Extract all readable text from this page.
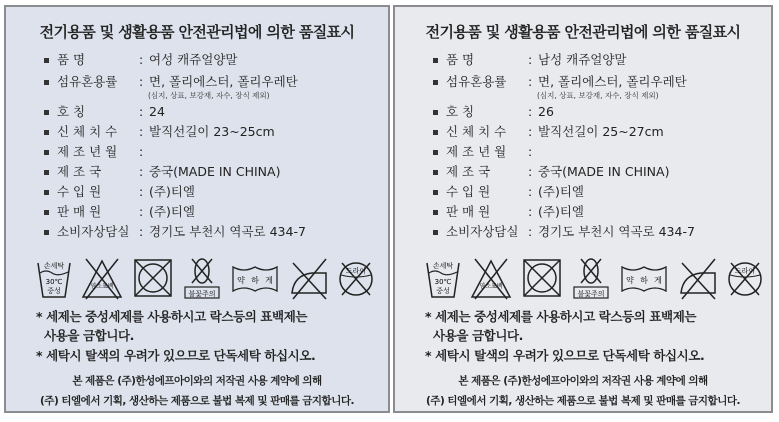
전기용품 및 생활용품 안전관리법에 의한 품질표시
품 명	: 여성 캐쥬얼양말
섬유혼용률 : 면, 폴리에스터, 폴리우레탄
호 칭	: 24
신 체 치 수 : 발직선길이 23~25cm
제 조 년 월 :
제 조 국	: 중국(MADE IN CHINA)
수 입 원	: (주)티엘
판 매 원	: (주)티엘
소비자상담실 : 경기도 부천시 역곡로 434-7
(심지, 상표, 보강재, 자수, 장식 제외)
손세탁
30℃
중성
염소표백
불꽃주의
약 하 게
드라이
* 세제는 중성세제를 사용하시고 락스등의 표백제는
사용을 금합니다.
* 세탁시 탈색의 우려가 있으므로 단독세탁 하십시오.
본 제품은 (주)한성에프아이와의 저작권 사용 계약에 의해
(주) 티엘에서 기획, 생산하는 제품으로 불법 복제 및 판매를 금지합니다.
전기용품 및 생활용품 안전관리법에 의한 품질표시
품 명	: 남성 캐쥬얼양말
섬유혼용률 : 면, 폴리에스터, 폴리우레탄
호 칭	: 26
신 체 치 수 : 발직선길이 25~27cm
제 조 년 월 :
제 조 국	: 중국(MADE IN CHINA)
수 입 원	: (주)티엘
판 매 원	: (주)티엘
소비자상담실 : 경기도 부천시 역곡로 434-7
(심지, 상표, 보강재, 자수, 장식 제외)
손세탁
30℃
중성
염소표백
불꽃주의
약 하 게
드라이
* 세제는 중성세제를 사용하시고 락스등의 표백제는
사용을 금합니다.
* 세탁시 탈색의 우려가 있으므로 단독세탁 하십시오.
본 제품은 (주)한성에프아이와의 저작권 사용 계약에 의해
(주) 티엘에서 기획, 생산하는 제품으로 불법 복제 및 판매를 금지합니다.
